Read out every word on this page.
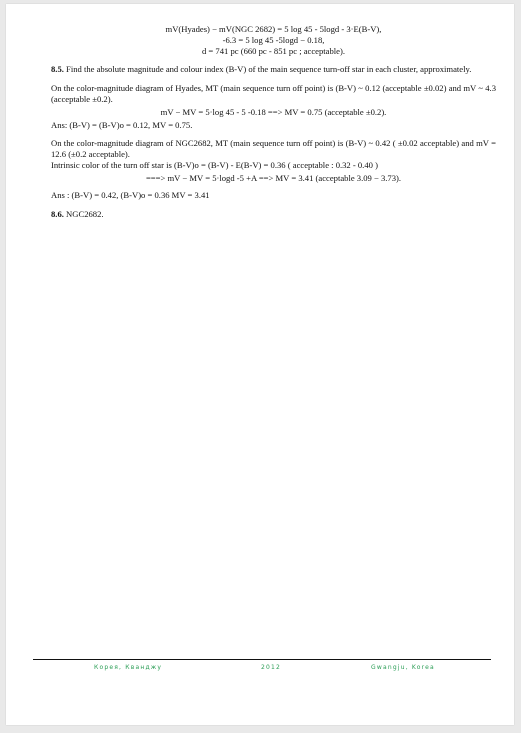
mV(Hyades) − mV(NGC 2682) = 5 log 45 - 5logd - 3·E(B-V),

-6.3 = 5 log 45 -5logd − 0.18,

d = 741 pc (660 pc - 851 pc ; acceptable).

8.5. Find the absolute magnitude and colour index (B-V) of the main sequence turn-off star in each cluster, approximately.

On the color-magnitude diagram of Hyades, MT (main sequence turn off point) is (B-V) ~ 0.12 (acceptable ±0.02) and mV ~ 4.3 (acceptable ±0.2).

mV − MV = 5·log 45 - 5 -0.18 ==> MV = 0.75 (acceptable ±0.2).

Ans: (B-V) = (B-V)o = 0.12, MV = 0.75.

On the color-magnitude diagram of NGC2682, MT (main sequence turn off point) is (B-V) ~ 0.42 ( ±0.02 acceptable) and mV = 12.6 (±0.2 acceptable).

Intrinsic color of the turn off star is (B-V)o = (B-V) - E(B-V) = 0.36 ( acceptable : 0.32 - 0.40 )

===> mV − MV = 5·logd -5 +A ==> MV = 3.41 (acceptable 3.09 − 3.73).

Ans : (B-V) = 0.42, (B-V)o = 0.36 MV = 3.41

8.6. NGC2682.

Корея, Кванджу	2012	Gwangju, Korea
